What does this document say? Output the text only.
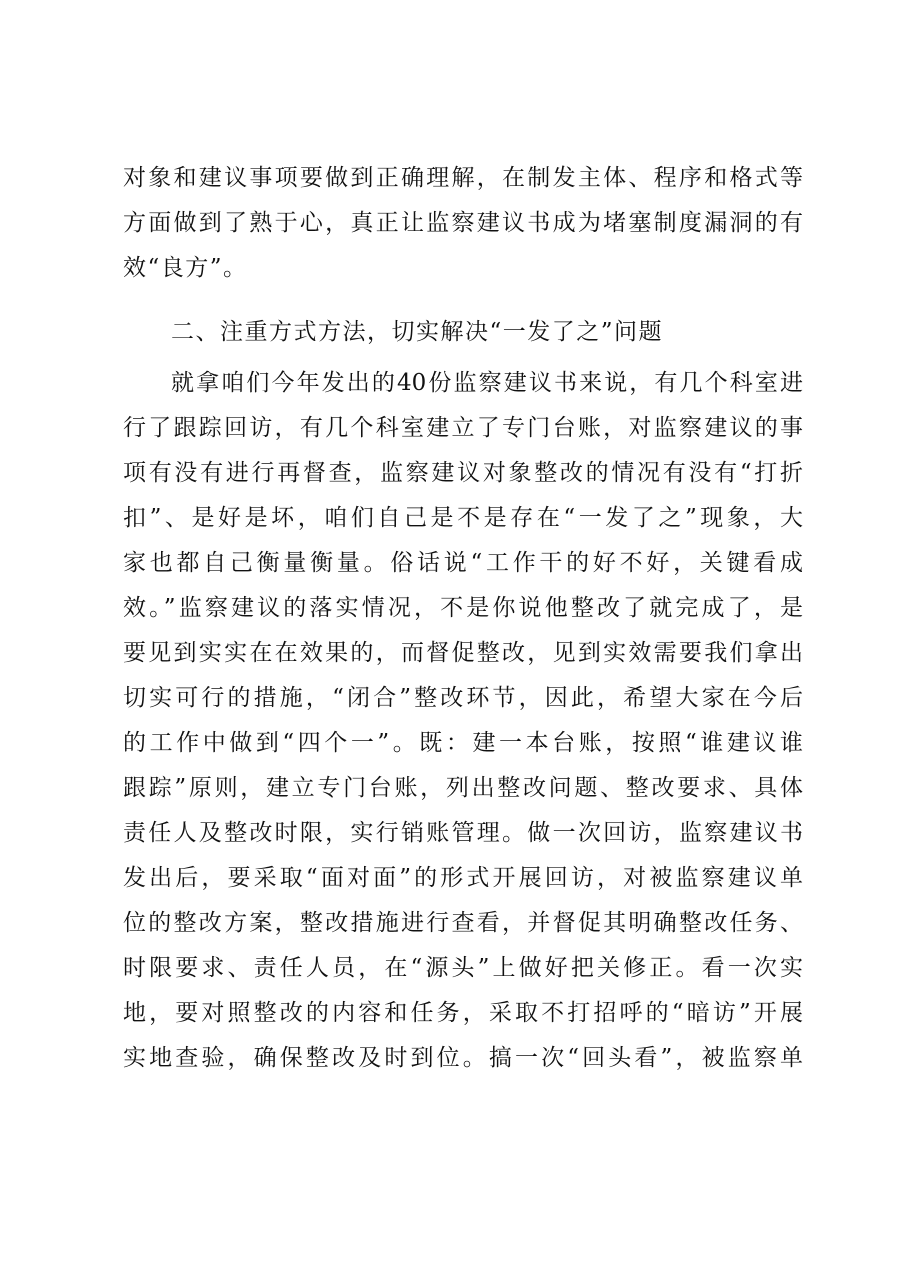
对象和建议事项要做到正确理解，在制发主体、程序和格式等
方面做到了熟于心，真正让监察建议书成为堵塞制度漏洞的有
效“良方”。
二、注重方式方法，切实解决“一发了之”问题
就拿咱们今年发出的40份监察建议书来说，有几个科室进
行了跟踪回访，有几个科室建立了专门台账，对监察建议的事
项有没有进行再督查，监察建议对象整改的情况有没有“打折
扣”、是好是坏，咱们自己是不是存在“一发了之”现象，大
家也都自己衡量衡量。俗话说“工作干的好不好，关键看成
效。”监察建议的落实情况，不是你说他整改了就完成了，是
要见到实实在在效果的，而督促整改，见到实效需要我们拿出
切实可行的措施，“闭合”整改环节，因此，希望大家在今后
的工作中做到“四个一”。既：建一本台账，按照“谁建议谁
跟踪”原则，建立专门台账，列出整改问题、整改要求、具体
责任人及整改时限，实行销账管理。做一次回访，监察建议书
发出后，要采取“面对面”的形式开展回访，对被监察建议单
位的整改方案，整改措施进行查看，并督促其明确整改任务、
时限要求、责任人员，在“源头”上做好把关修正。看一次实
地，要对照整改的内容和任务，采取不打招呼的“暗访”开展
实地查验，确保整改及时到位。搞一次“回头看”，被监察单
